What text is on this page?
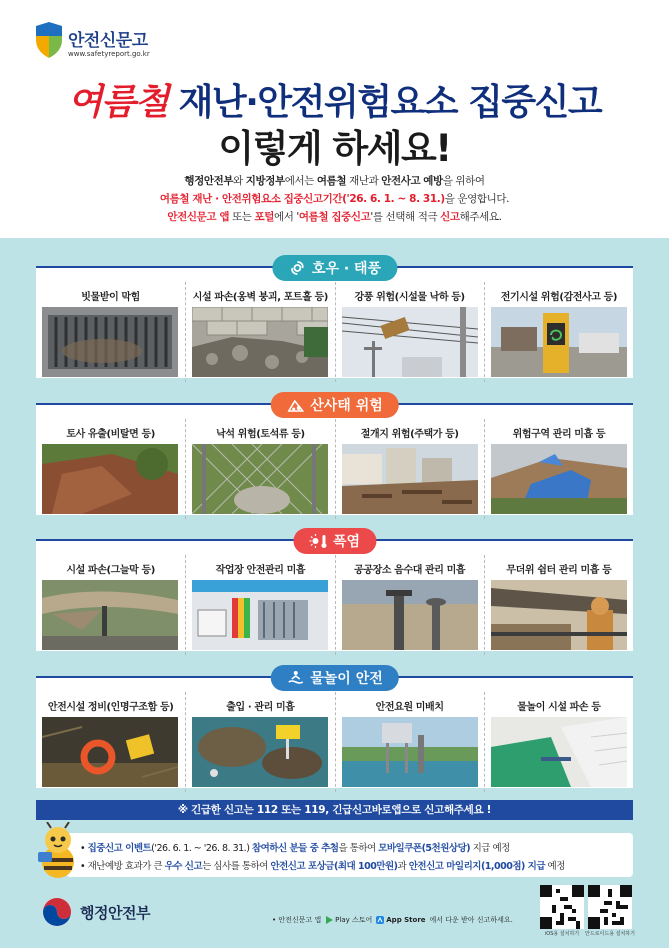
안전신문고
www.safetyreport.go.kr
여름철 재난·안전위험요소 집중신고
이렇게 하세요!
행정안전부와 지방정부에서는 여름철 재난과 안전사고 예방을 위하여
여름철 재난 · 안전위험요소 집중신고기간('26. 6. 1. ~ 8. 31.)을 운영합니다.
안전신문고 앱 또는 포털에서 '여름철 집중신고'를 선택해 적극 신고해주세요.
호우 · 태풍
빗물받이 막힘	시설 파손(옹벽 붕괴, 포트홀 등)	강풍 위험(시설물 낙하 등)	전기시설 위험(감전사고 등)
산사태 위험
토사 유출(비탈면 등)	낙석 위험(토석류 등)	절개지 위험(주택가 등)	위험구역 관리 미흡 등
폭염
시설 파손(그늘막 등)	작업장 안전관리 미흡	공공장소 음수대 관리 미흡	무더위 쉼터 관리 미흡 등
물놀이 안전
안전시설 정비(인명구조함 등)	출입 · 관리 미흡	안전요원 미배치	물놀이 시설 파손 등
※ 긴급한 신고는 112 또는 119, 긴급신고바로앱으로 신고해주세요 !
• 집중신고 이벤트('26. 6. 1. ~ '26. 8. 31.) 참여하신 분들 중 추첨을 통하여 모바일쿠폰(5천원상당) 지급 예정
• 재난예방 효과가 큰 우수 신고는 심사를 통하여 안전신고 포상금(최대 100만원)과 안전신고 마일리지(1,000점) 지급 예정
행정안전부	• 안전신문고 앱 Play 스토어 App Store 에서 다운 받아 신고하세요.
iOS용 설치하기	안드로이드용 설치하기
